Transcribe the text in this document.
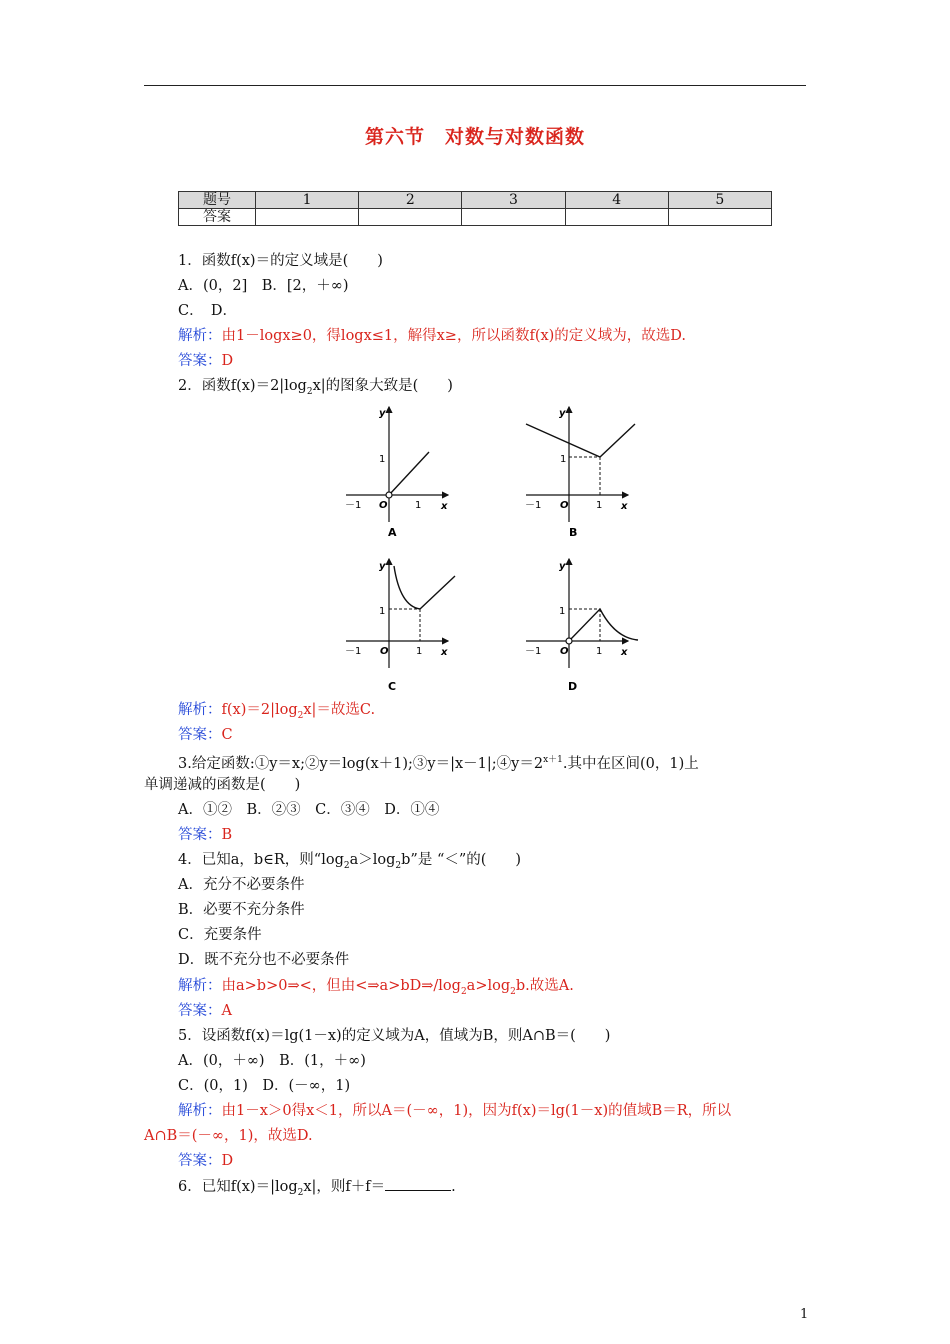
第六节　对数与对数函数
题号	1	2	3	4	5
答案					
1．函数f(x)＝的定义域是(　　)
A．(0，2]　B．[2，＋∞)
C．　D．
解析：由1－logx≥0，得logx≤1，解得x≥，所以函数f(x)的定义域为，故选D.
答案：D
2．函数$f(x)=2|\log_2x|$的图象大致是(　　)
y
x
O
－1	1
1
A
y
x
O
－1	1
1
B
y
x
O
－1	1
1
C
y
x
O
－1	1
1
D
解析：$f(x)=2|\log_2x|=$故选C.
答案：C
3.给定函数$:①y=x;②y=\log(x+1);③y=|x-1|;④y=2^{x+1}$.其中在区间(0，1)上
单调递减的函数是(　　)
A．①②　B．②③　C．③④　D．①④
答案：B
4．已知a，b∈R，则“$\log_2a>\log_2b$”是 “＜”的(　　)
A．充分不必要条件
B．必要不充分条件
C．充要条件
D．既不充分也不必要条件
解析：由a>b>0⇒<，但由$<\Rightarrow a>bD\Rightarrow/\log_2a>\log_2b$.故选A.
答案：A
5．设函数f(x)＝lg(1－x)的定义域为A，值域为B，则A∩B＝(　　)
A．(0，＋∞)　B．(1，＋∞)
C．(0，1)　D．(－∞，1)
解析：由1－x＞0得x＜1，所以A＝(－∞，1)，因为f(x)＝lg(1－x)的值域B＝R，所以
A∩B＝(－∞，1)，故选D.
答案：D
6．已知$f(x)=|\log_2x|$，则f＋f＝	.
1
